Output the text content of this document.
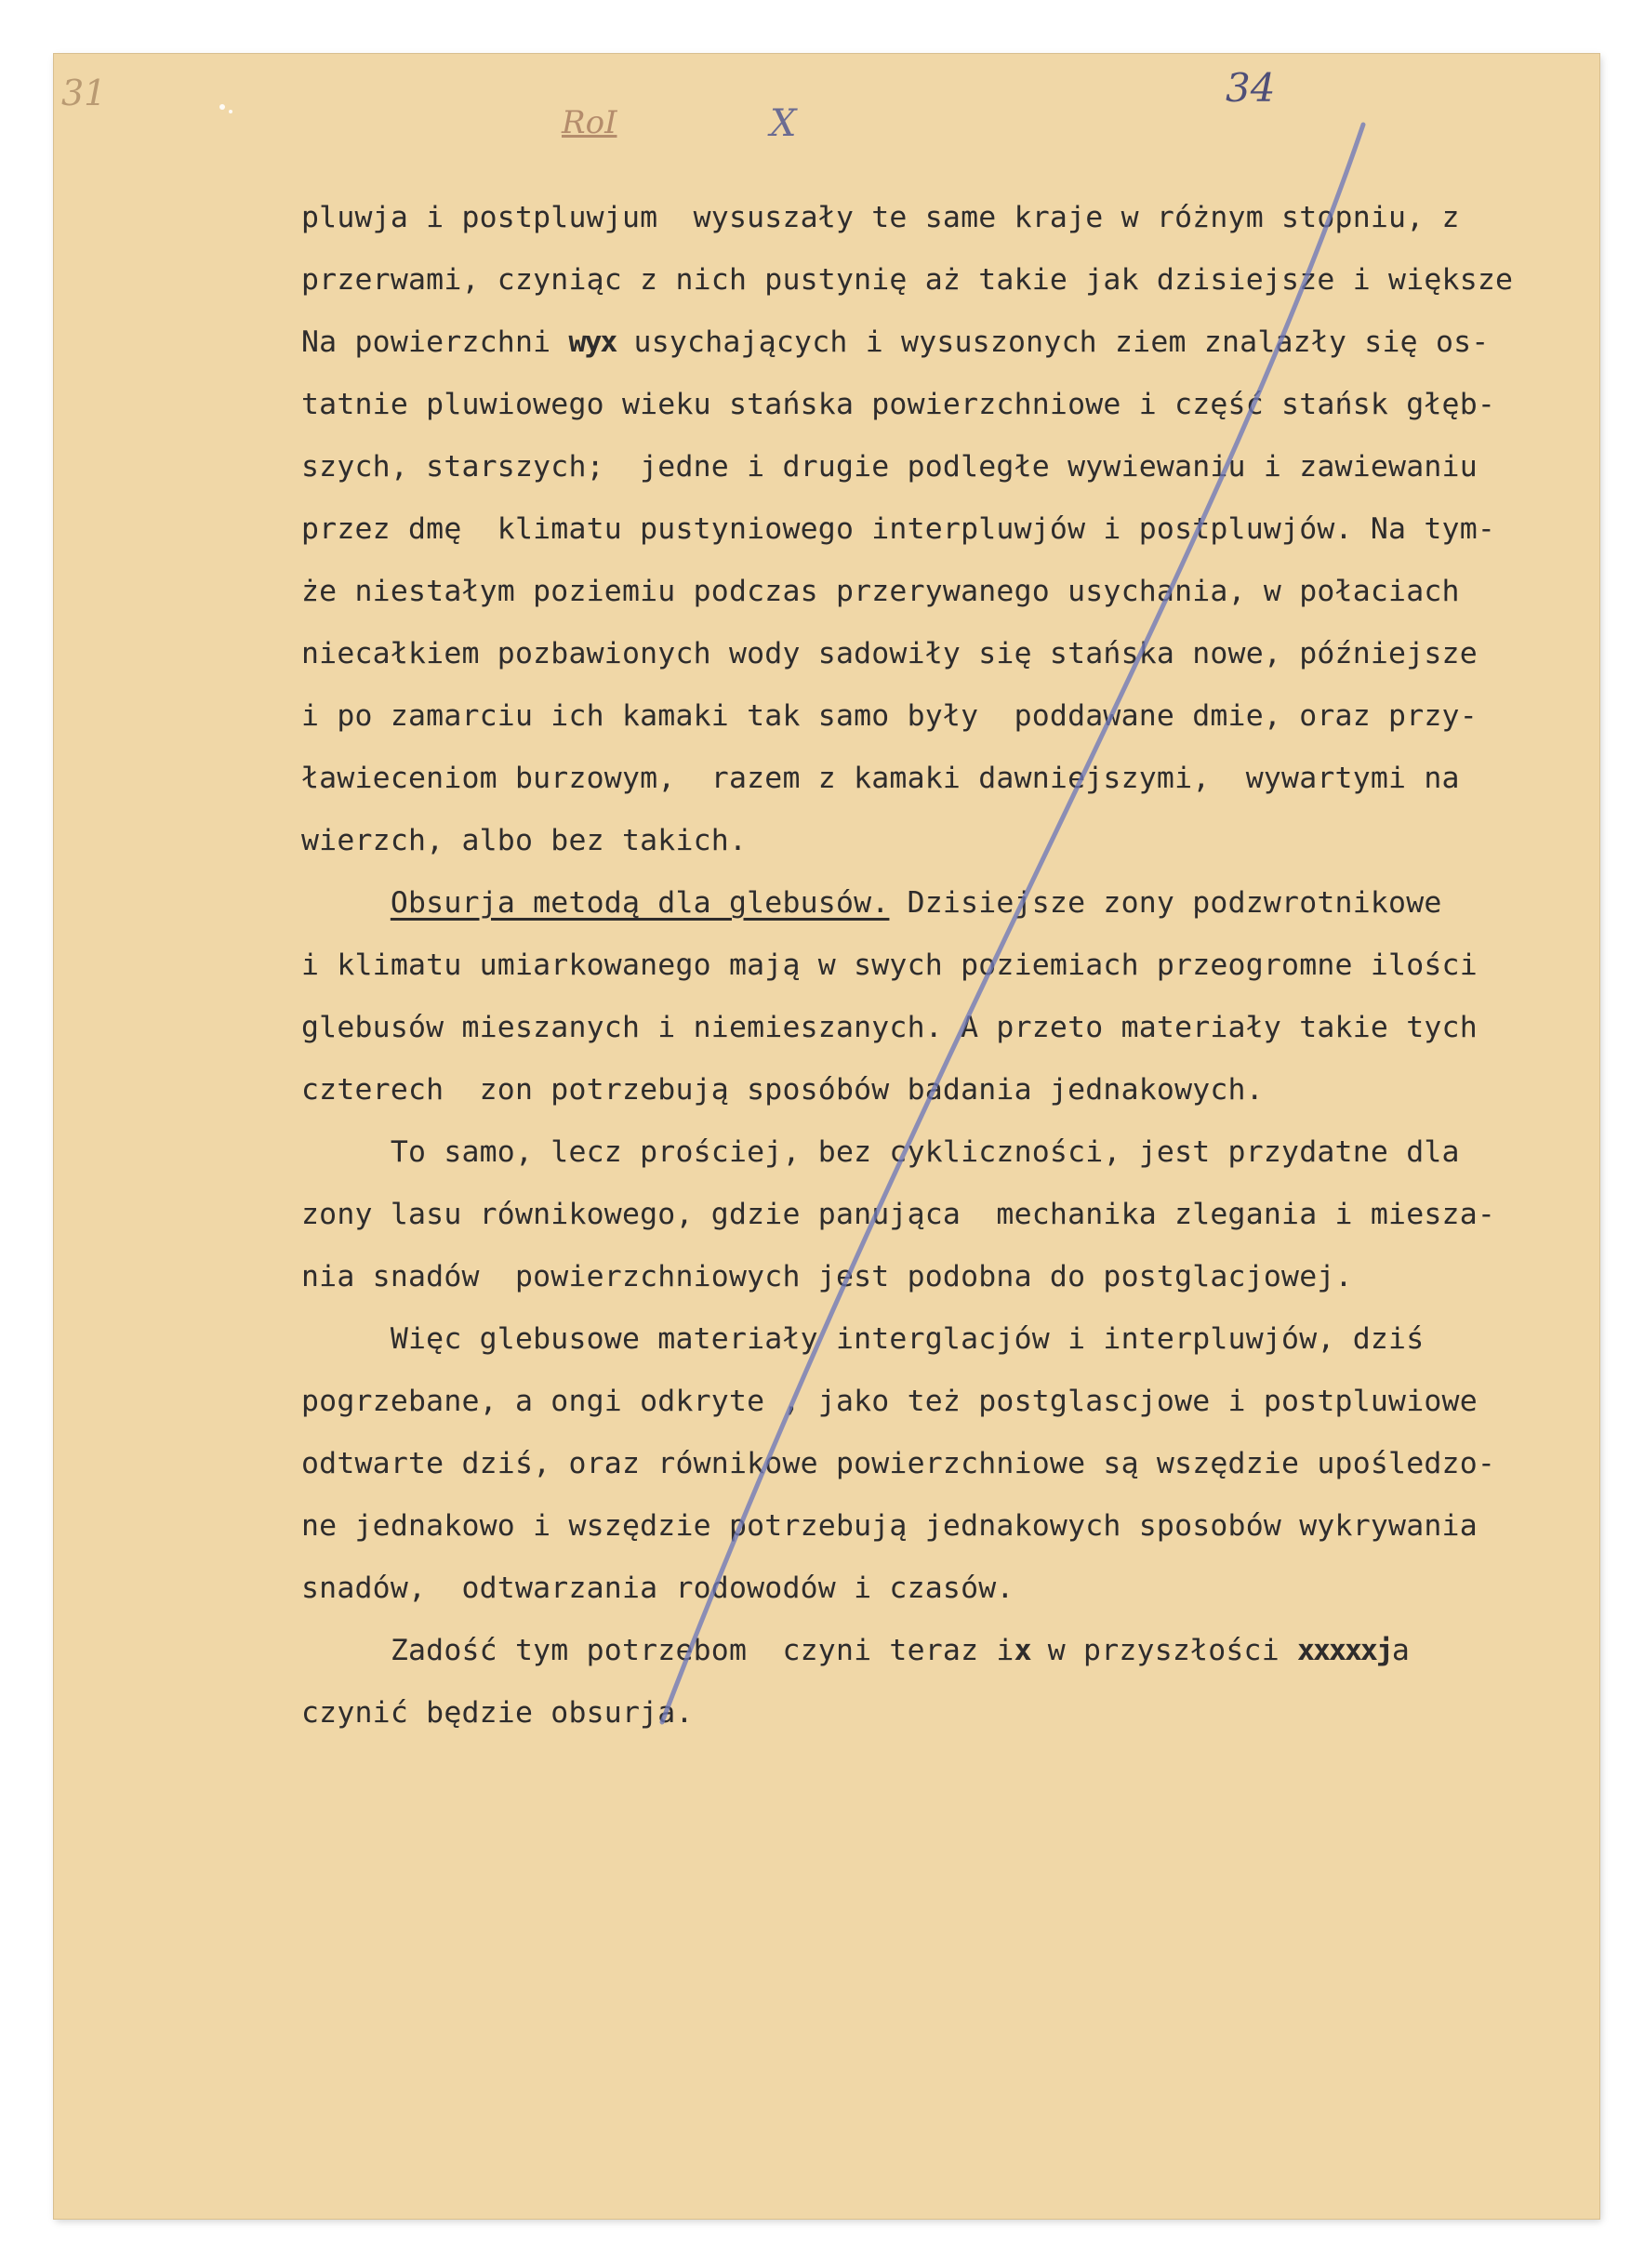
31	34
RoI	X
pluwja i postpluwjum  wysuszały te same kraje w różnym stopniu, z
przerwami, czyniąc z nich pustynię aż takie jak dzisiejsze i większe
Na powierzchni wyx usychających i wysuszonych ziem znalazły się os-
tatnie pluwiowego wieku stańska powierzchniowe i część stańsk głęb-
szych, starszych;  jedne i drugie podległe wywiewaniu i zawiewaniu
przez dmę  klimatu pustyniowego interpluwjów i postpluwjów. Na tym-
że niestałym poziemiu podczas przerywanego usychania, w połaciach
niecałkiem pozbawionych wody sadowiły się stańska nowe, późniejsze
i po zamarciu ich kamaki tak samo były  poddawane dmie, oraz przy-
ławieceniom burzowym,  razem z kamaki dawniejszymi,  wywartymi na
wierzch, albo bez takich.
Obsurja metodą dla glebusów. Dzisiejsze zony podzwrotnikowe
i klimatu umiarkowanego mają w swych poziemiach przeogromne ilości
glebusów mieszanych i niemieszanych. A przeto materiały takie tych
czterech  zon potrzebują sposóbów badania jednakowych.
To samo, lecz prościej, bez cykliczności, jest przydatne dla
zony lasu równikowego, gdzie panująca  mechanika zlegania i miesza-
nia snadów  powierzchniowych jest podobna do postglacjowej.
Więc glebusowe materiały interglacjów i interpluwjów, dziś
pogrzebane, a ongi odkryte , jako też postglascjowe i postpluwiowe
odtwarte dziś, oraz równikowe powierzchniowe są wszędzie upośledzo-
ne jednakowo i wszędzie potrzebują jednakowych sposobów wykrywania
snadów,  odtwarzania rodowodów i czasów.
Zadość tym potrzebom  czyni teraz ix w przyszłości xxxxxja
czynić będzie obsurja.
